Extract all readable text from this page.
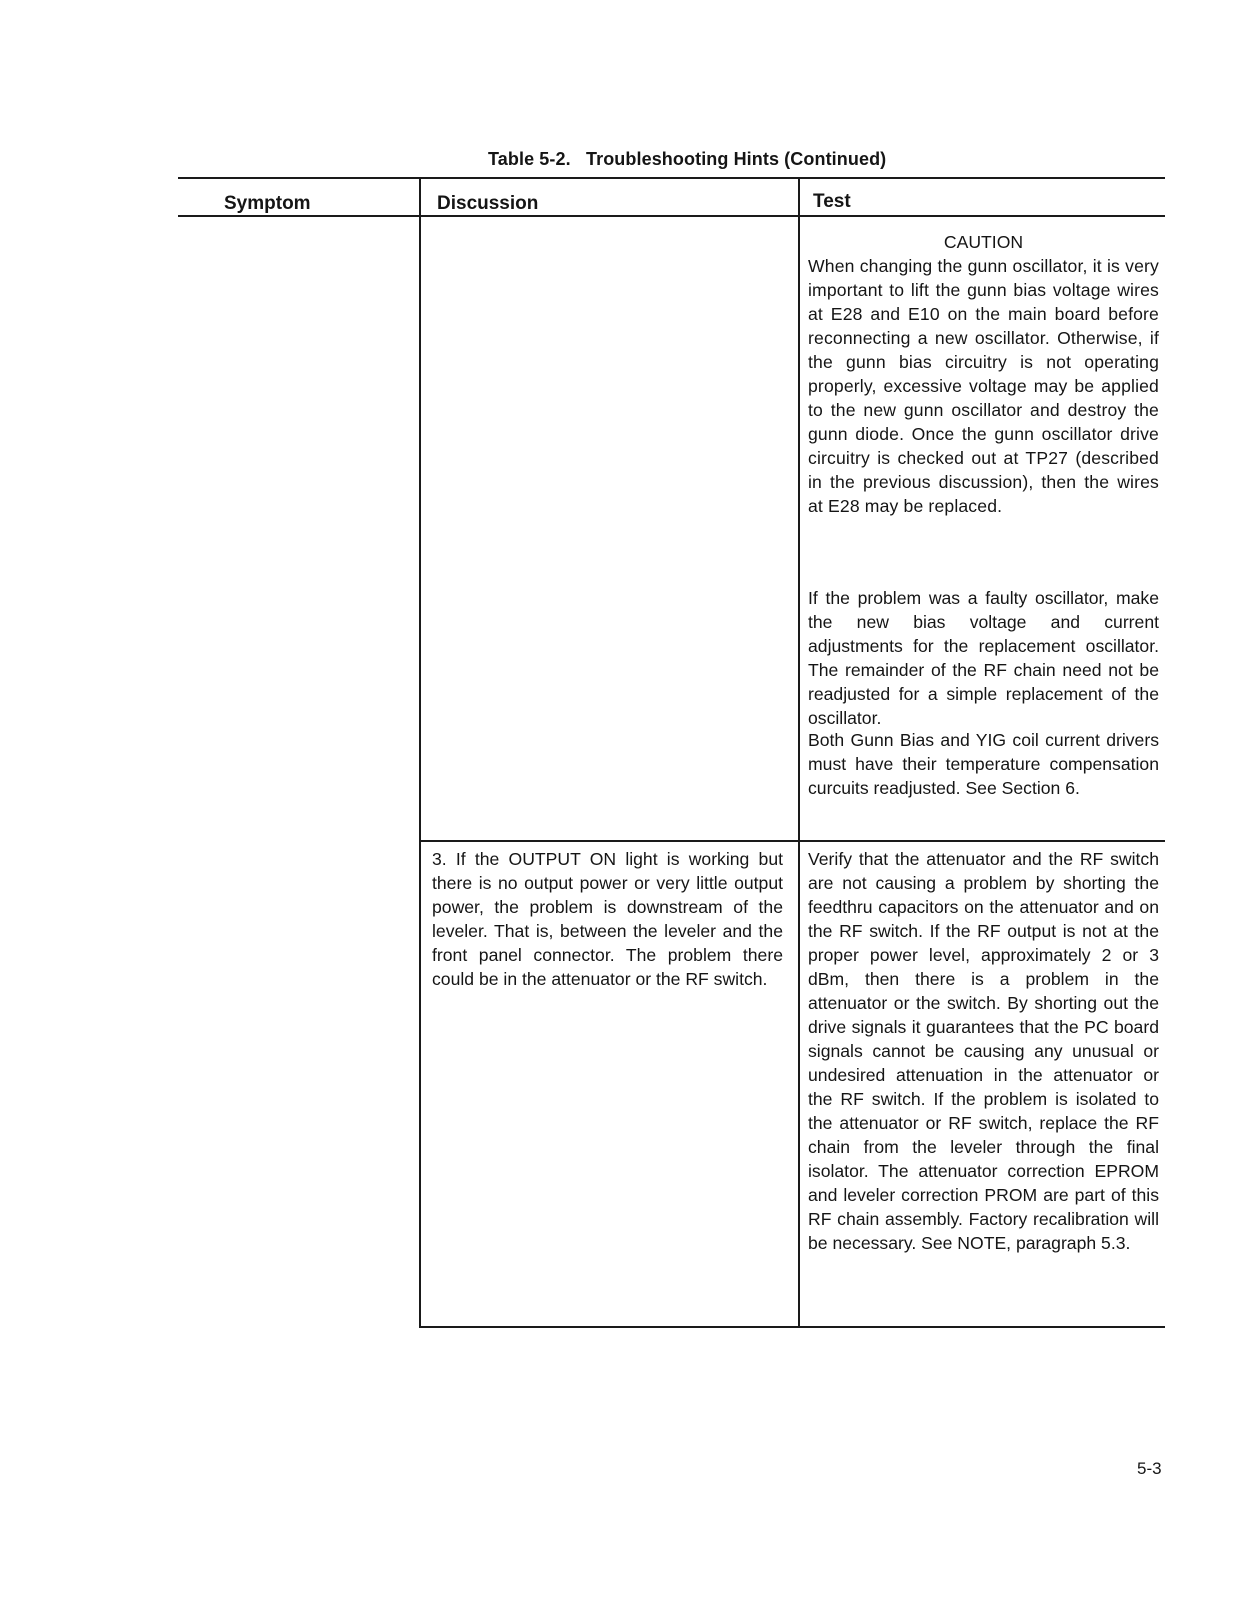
Table 5-2.   Troubleshooting Hints (Continued)
Symptom	Discussion	Test

CAUTION

When changing the gunn oscillator, it is very important to lift the gunn bias voltage wires at E28 and E10 on the main board before reconnecting a new oscillator. Otherwise, if the gunn bias circuitry is not operating properly, excessive voltage may be applied to the new gunn oscillator and destroy the gunn diode. Once the gunn oscillator drive circuitry is checked out at TP27 (described in the previous discussion), then the wires at E28 may be replaced.

If the problem was a faulty oscillator, make the new bias voltage and current adjustments for the replacement oscillator. The remainder of the RF chain need not be readjusted for a simple replacement of the oscillator.

Both Gunn Bias and YIG coil current drivers must have their temperature compensation curcuits readjusted. See Section 6.

3. If the OUTPUT ON light is working but there is no output power or very little output power, the problem is downstream of the leveler. That is, between the leveler and the front panel connector. The problem there could be in the attenuator or the RF switch.

Verify that the attenuator and the RF switch are not causing a problem by shorting the feedthru capacitors on the attenuator and on the RF switch. If the RF output is not at the proper power level, approximately 2 or 3 dBm, then there is a problem in the attenuator or the switch. By shorting out the drive signals it guarantees that the PC board signals cannot be causing any unusual or undesired attenuation in the attenuator or the RF switch. If the problem is isolated to the attenuator or RF switch, replace the RF chain from the leveler through the final isolator. The attenuator correction EPROM and leveler correction PROM are part of this RF chain assembly. Factory recalibration will be necessary. See NOTE, paragraph 5.3.

5-3
